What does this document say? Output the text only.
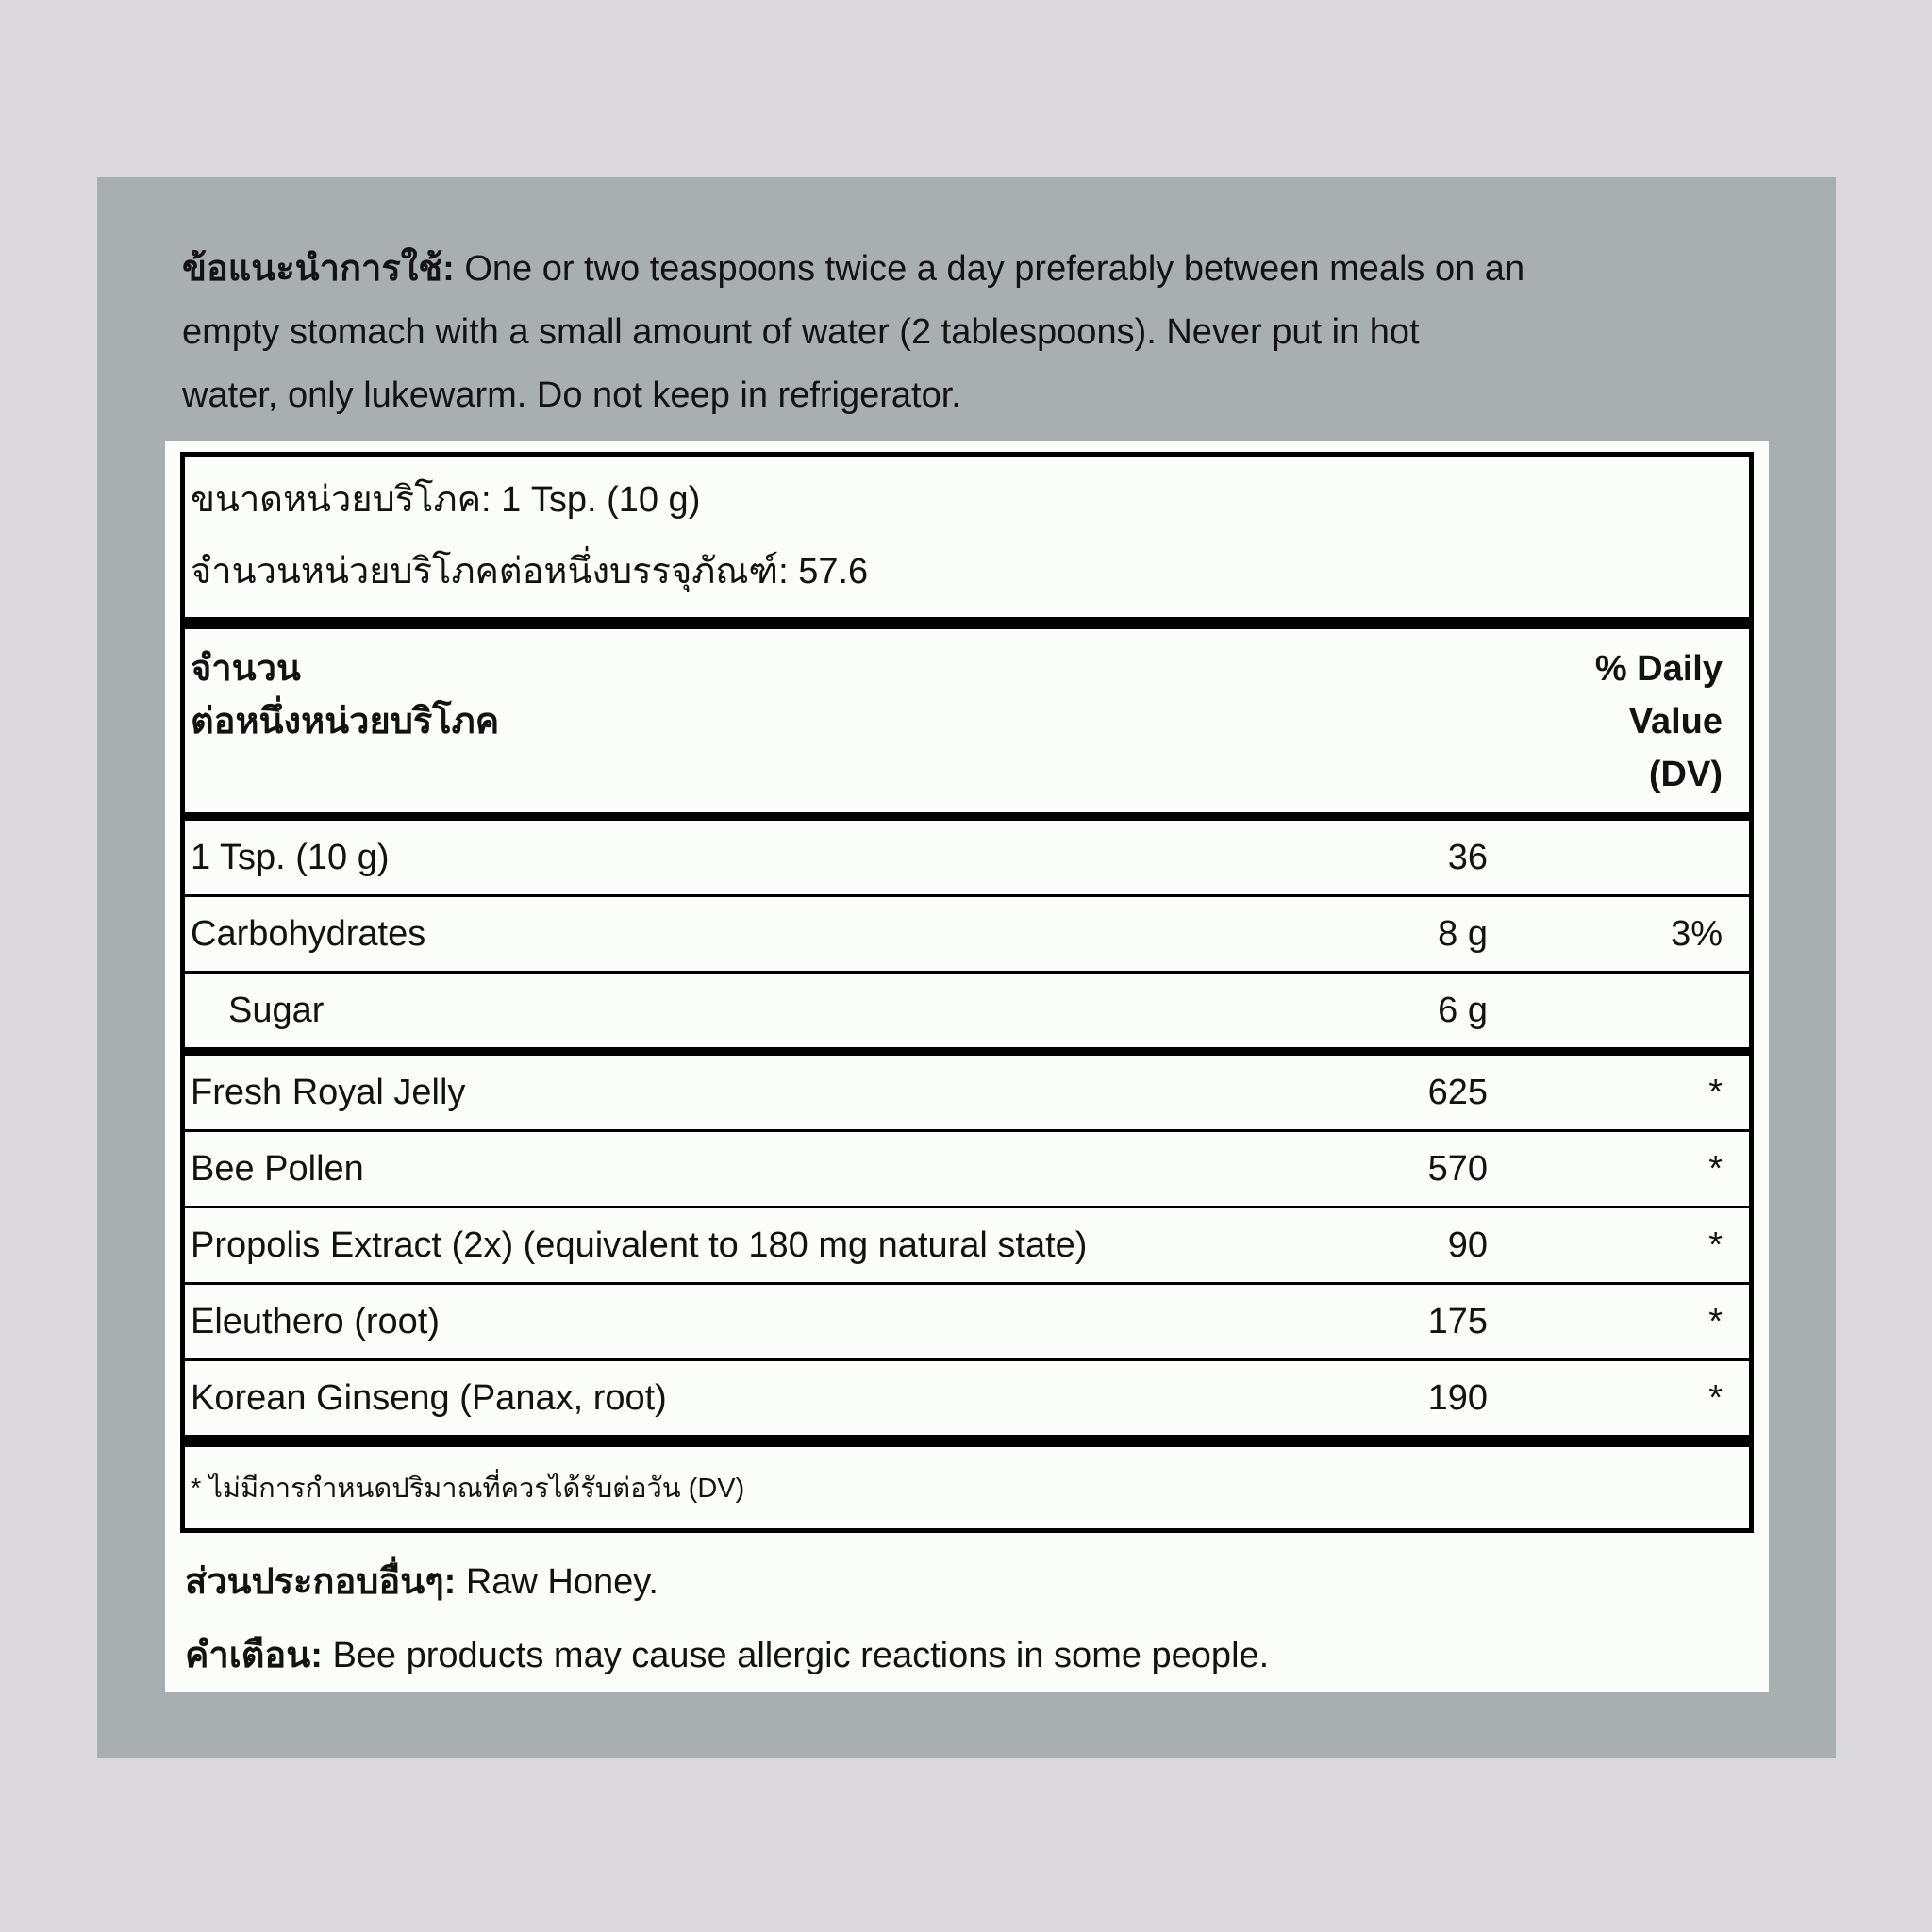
ข้อแนะนำการใช้: One or two teaspoons twice a day preferably between meals on an
empty stomach with a small amount of water (2 tablespoons). Never put in hot
water, only lukewarm. Do not keep in refrigerator.

ขนาดหน่วยบริโภค: 1 Tsp. (10 g)
จำนวนหน่วยบริโภคต่อหนึ่งบรรจุภัณฑ์: 57.6
จำนวน
ต่อหนึ่งหน่วยบริโภค
% Daily
Value
(DV)
1 Tsp. (10 g)	36
Carbohydrates	8 g	3%
Sugar	6 g
Fresh Royal Jelly	625	*
Bee Pollen	570	*
Propolis Extract (2x) (equivalent to 180 mg natural state)	90	*
Eleuthero (root)	175	*
Korean Ginseng (Panax, root)	190	*
* ไม่มีการกำหนดปริมาณที่ควรได้รับต่อวัน (DV)

ส่วนประกอบอื่นๆ: Raw Honey.

คำเตือน: Bee products may cause allergic reactions in some people.
